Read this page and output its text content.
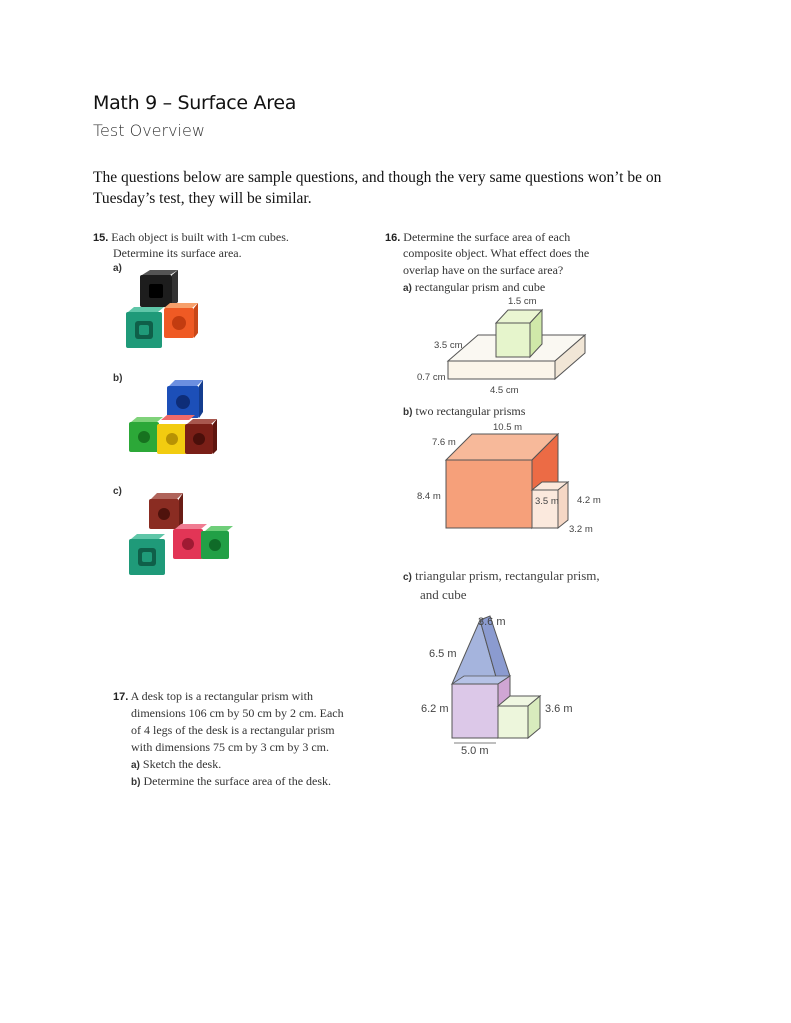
Math 9 – Surface Area
Test Overview
The questions below are sample questions, and though the very same questions won’t be on Tuesday’s test, they will be similar.
15. Each object is built with 1-cm cubes.
Determine its surface area.
a)
b)
c)
16. Determine the surface area of each
composite object. What effect does the
overlap have on the surface area?
a) rectangular prism and cube
1.5 cm
3.5 cm
0.7 cm
4.5 cm
b) two rectangular prisms
10.5 m
7.6 m
8.4 m	3.5 m 4.2 m
3.2 m
c) triangular prism, rectangular prism,
and cube
3.6 m
6.5 m
6.2 m	3.6 m
5.0 m
17. A desk top is a rectangular prism with
dimensions 106 cm by 50 cm by 2 cm. Each
of 4 legs of the desk is a rectangular prism
with dimensions 75 cm by 3 cm by 3 cm.
a) Sketch the desk.
b) Determine the surface area of the desk.
